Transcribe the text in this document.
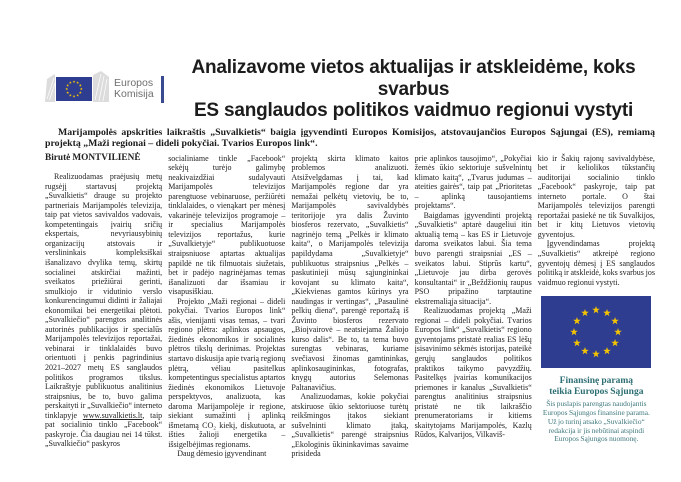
Europos
Komisija
Analizavome vietos aktualijas ir atskleidėme, koks svarbus
ES sanglaudos politikos vaidmuo regionui vystyti
Marijampolės apskrities laikraštis „Suvalkietis“ baigia įgyvendinti Europos Komisijos, atstovaujančios Europos Sąjungai (ES), remiamą projektą „Maži regionai – dideli pokyčiai. Tvarios Europos link“.
Birutė MONTVILIENĖ
Realizuodamas praėjusių metų rugsėjį startavusį projektą „Suvalkietis“ drauge su projekto partneriais Marijampolės televizija, taip pat vietos savivaldos vadovais, kompetentingais įvairių sričių ekspertais, nevyriausybinių organizacijų atstovais ir verslininkais kompleksiškai išanalizavo dvylika temų, skirtų socialinei atskirčiai mažinti, sveikatos priežiūrai gerinti, smulkiojo ir vidutinio verslo konkurencingumui didinti ir žaliajai ekonomikai bei energetikai plėtoti. „Suvalkiečio“ parengtos analitinės autorinės publikacijos ir specialūs Marijampolės televizijos reportažai, vebinarai ir tinklalaidės buvo orientuoti į penkis pagrindinius 2021–2027 metų ES sanglaudos politikos programos tikslus. Laikraštyje publikuotus analitinius straipsnius, be to, buvo galima perskaityti ir „Suvalkiečio“ interneto tinklapyje www.suvalkietis.lt, taip pat socialinio tinklo „Facebook“ paskyroje. Čia daugiau nei 14 tūkst. „Suvalkiečio“ paskyros
socialiniame tinkle „Facebook“ sekėjų turėjo galimybę neakivaizdžiai sudalyvauti Marijampolės televizijos parengtuose vebinaruose, peržiūrėti tinklalaides, o vienąkart per mėnesį vakarinėje televizijos programoje – ir specialius Marijampolės televizijos reportažus, kurie „Suvalkietyje“ publikuotuose straipsniuose aptartas aktualijas papildė ne tik filmuotais siužetais, bet ir padėjo nagrinėjamas temas išanalizuoti dar išsamiau ir visapusiškiau.
Projekto „Maži regionai – dideli pokyčiai. Tvarios Europos link“ ašis, vienijanti visas temas, – tvari regiono plėtra: aplinkos apsaugos, žiedinės ekonomikos ir socialinės plėtros tikslų derinimas. Projektas startavo diskusija apie tvarią regionų plėtrą, vėliau pasitelkus kompetentingus specialistus aptartos žiedinės ekonomikos Lietuvoje perspektyvos, analizuota, kas daroma Marijampolėje ir regione, siekiant sumažinti į aplinką išmetamą CO₂ kiekį, diskutuota, ar išties žalioji energetika – išsigelbėjimas regionams.
Daug dėmesio įgyvendinant
projektą skirta klimato kaitos problemos analizuoti. Atsižvelgdamas į tai, kad Marijampolės regione dar yra nemažai pelkėtų vietovių, be to, Marijampolės savivaldybės teritorijoje yra dalis Žuvinto biosferos rezervato, „Suvalkietis“ nagrinėjo temą „Pelkės ir klimato kaita“, o Marijampolės televizija papildydama „Suvalkietyje“ publikuotus straipsnius „Pelkės – paskutinieji mūsų sąjungininkai kovojant su klimato kaita“, „Kiekvienas gamtos kūrinys yra naudingas ir vertingas“, „Pasaulinė pelkių diena“, parengė reportažą iš Žuvinto biosferos rezervato „Bioįvairovė – neatsiejama Žaliojo kurso dalis“. Be to, ta tema buvo surengtas vebinaras, kuriame svečiavosi žinomas gamtininkas, aplinkosaugininkas, fotografas, knygų autorius Selemonas Paltanavičius.
Analizuodamas, kokie pokyčiai atskiruose ūkio sektoriuose turėtų reikšmingos įtakos siekiant sušvelninti klimato įtaką, „Suvalkietis“ parengė straipsnius „Ekologinis ūkininkavimas savaime prisideda
prie aplinkos tausojimo“, „Pokyčiai žemės ūkio sektoriuje sušvelnintų klimato kaitą“, „Tvarus judumas – ateities gairės“, taip pat „Prioritetas – aplinką tausojantiems projektams“.
Baigdamas įgyvendinti projektą „Suvalkietis“ aptarė daugeliui itin aktualią temą – kas ES ir Lietuvoje daroma sveikatos labui. Šia tema buvo parengti straipsniai „ES – sveikatos labui. Stiprūs kartu“, „Lietuvoje jau dirba gerovės konsultantai“ ir „Beždžionių raupus PSO pripažino tarptautine ekstremaliąja situacija“.
Realizuodamas projektą „Maži regionai – dideli pokyčiai. Tvarios Europos link“ „Suvalkietis“ regiono gyventojams pristatė realias ES lėšų įsisavinimo sėkmės istorijas, pateikė gerųjų sanglaudos politikos praktikos taikymo pavyzdžių. Pasitelkęs įvairias komunikacijos priemones ir kanalus „Suvalkietis“ parengtus analitinius straipsnius pristatė ne tik laikraščio prenumeratoriams ir kitiems skaitytojams Marijampolės, Kazlų Rūdos, Kalvarijos, Vilkaviš-
kio ir Šakių rajonų savivaldybėse, bet ir keliolikos tūkstančių auditorijai socialinio tinklo „Facebook“ paskyroje, taip pat interneto portale. O štai Marijampolės televizijos parengti reportažai pasiekė ne tik Suvalkijos, bet ir kitų Lietuvos vietovių gyventojus.
Įgyvendindamas projektą „Suvalkietis“ atkreipė regiono gyventojų dėmesį į ES sanglaudos politiką ir atskleidė, koks svarbus jos vaidmuo regionui vystyti.
Finansinę paramą
teikia Europos Sąjunga
Šis puslapis parengtas naudojantis Europos Sąjungos finansine parama. Už jo turinį atsako „Suvalkiečio“ redakcija ir jis nebūtinai atspindi Europos Sąjungos nuomonę.
